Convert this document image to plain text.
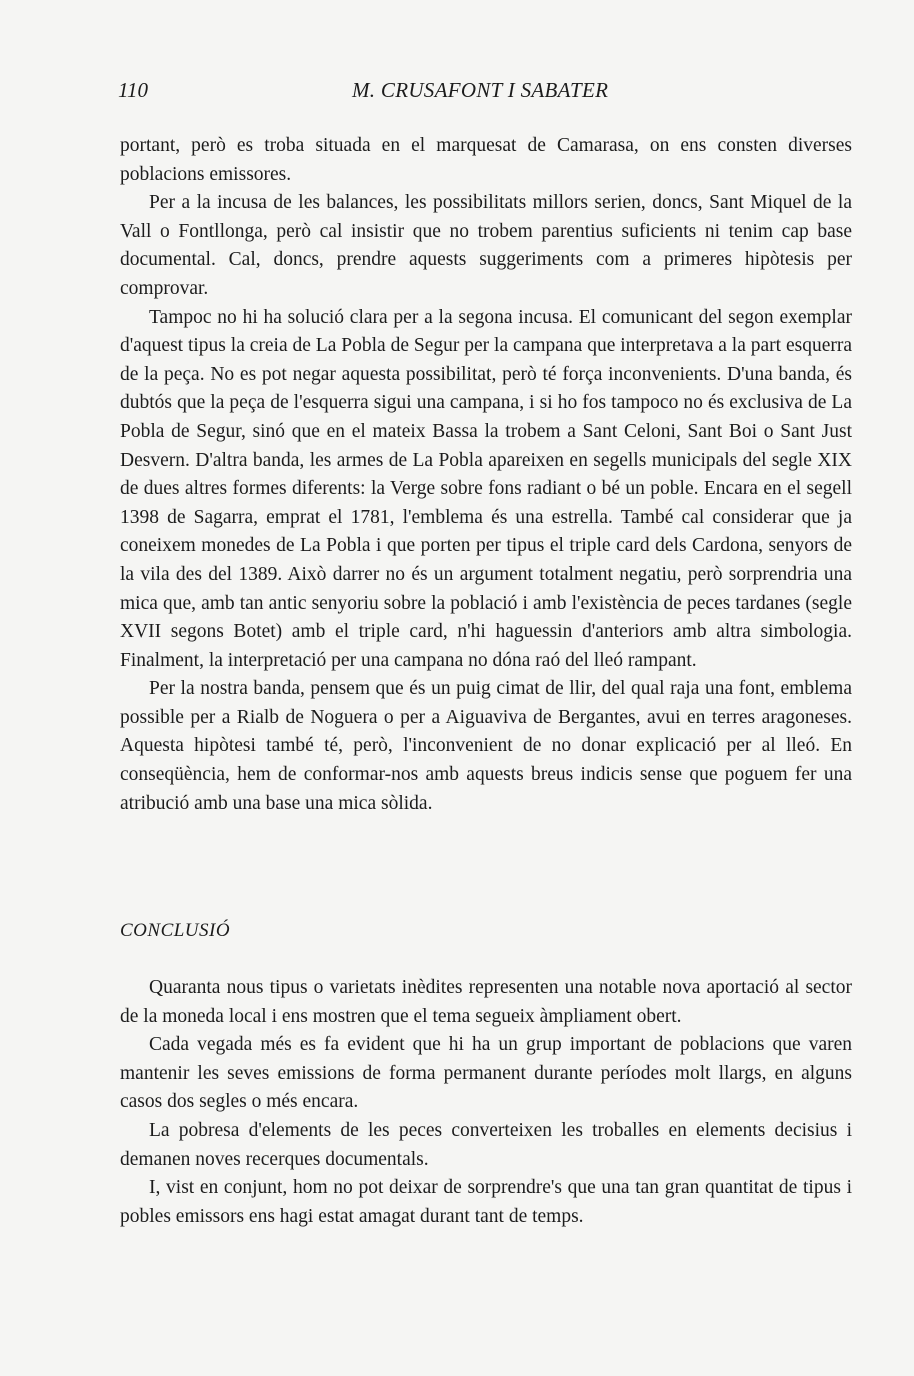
110	M. CRUSAFONT I SABATER

portant, però es troba situada en el marquesat de Camarasa, on ens consten diverses poblacions emissores.

Per a la incusa de les balances, les possibilitats millors serien, doncs, Sant Miquel de la Vall o Fontllonga, però cal insistir que no trobem parentius suficients ni tenim cap base documental. Cal, doncs, prendre aquests suggeriments com a primeres hipòtesis per comprovar.

Tampoc no hi ha solució clara per a la segona incusa. El comunicant del segon exemplar d'aquest tipus la creia de La Pobla de Segur per la campana que interpretava a la part esquerra de la peça. No es pot negar aquesta possibilitat, però té força inconvenients. D'una banda, és dubtós que la peça de l'esquerra sigui una campana, i si ho fos tampoco no és exclusiva de La Pobla de Segur, sinó que en el mateix Bassa la trobem a Sant Celoni, Sant Boi o Sant Just Desvern. D'altra banda, les armes de La Pobla apareixen en segells municipals del segle XIX de dues altres formes diferents: la Verge sobre fons radiant o bé un poble. Encara en el segell 1398 de Sagarra, emprat el 1781, l'emblema és una estrella. També cal considerar que ja coneixem monedes de La Pobla i que porten per tipus el triple card dels Cardona, senyors de la vila des del 1389. Això darrer no és un argument totalment negatiu, però sorprendria una mica que, amb tan antic senyoriu sobre la població i amb l'existència de peces tardanes (segle XVII segons Botet) amb el triple card, n'hi haguessin d'anteriors amb altra simbologia. Finalment, la interpretació per una campana no dóna raó del lleó rampant.

Per la nostra banda, pensem que és un puig cimat de llir, del qual raja una font, emblema possible per a Rialb de Noguera o per a Aiguaviva de Bergantes, avui en terres aragoneses. Aquesta hipòtesi també té, però, l'inconvenient de no donar explicació per al lleó. En conseqüència, hem de conformar-nos amb aquests breus indicis sense que poguem fer una atribució amb una base una mica sòlida.

CONCLUSIÓ

Quaranta nous tipus o varietats inèdites representen una notable nova aportació al sector de la moneda local i ens mostren que el tema segueix àmpliament obert.

Cada vegada més es fa evident que hi ha un grup important de poblacions que varen mantenir les seves emissions de forma permanent durante períodes molt llargs, en alguns casos dos segles o més encara.

La pobresa d'elements de les peces converteixen les troballes en elements decisius i demanen noves recerques documentals.

I, vist en conjunt, hom no pot deixar de sorprendre's que una tan gran quantitat de tipus i pobles emissors ens hagi estat amagat durant tant de temps.
